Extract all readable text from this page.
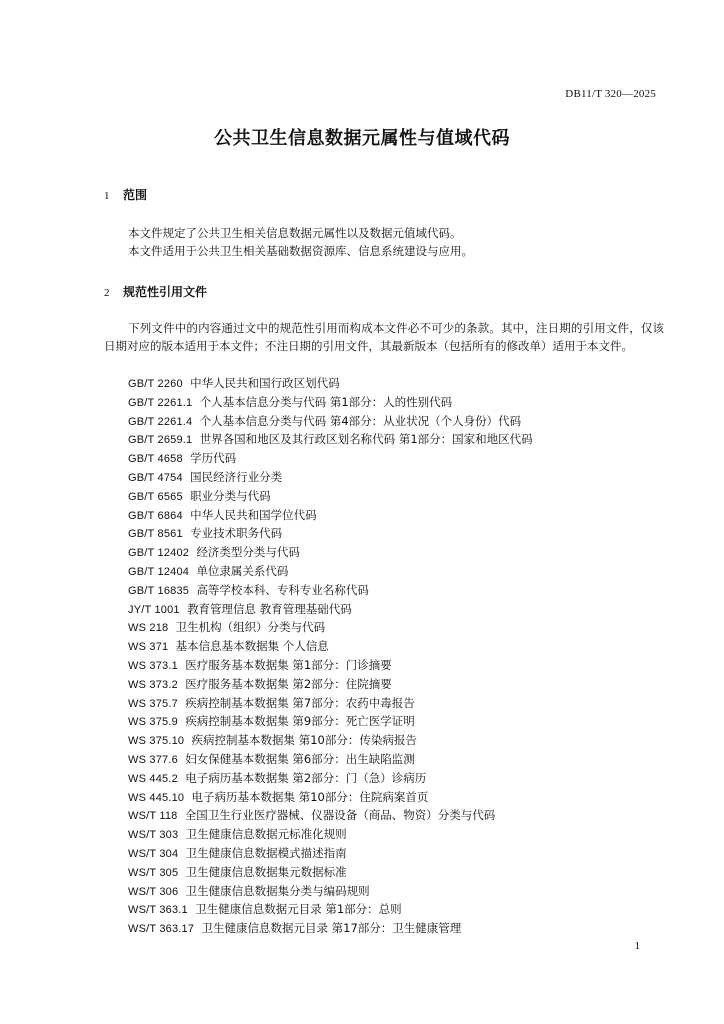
DB11/T 320—2025
公共卫生信息数据元属性与值域代码
1 范围
本文件规定了公共卫生相关信息数据元属性以及数据元值域代码。
本文件适用于公共卫生相关基础数据资源库、信息系统建设与应用。
2 规范性引用文件
下列文件中的内容通过文中的规范性引用而构成本文件必不可少的条款。其中，注日期的引用文件，仅该日期对应的版本适用于本文件；不注日期的引用文件，其最新版本（包括所有的修改单）适用于本文件。
GB/T 2260 中华人民共和国行政区划代码
GB/T 2261.1 个人基本信息分类与代码 第1部分：人的性别代码
GB/T 2261.4 个人基本信息分类与代码 第4部分：从业状况（个人身份）代码
GB/T 2659.1 世界各国和地区及其行政区划名称代码 第1部分：国家和地区代码
GB/T 4658 学历代码
GB/T 4754 国民经济行业分类
GB/T 6565 职业分类与代码
GB/T 6864 中华人民共和国学位代码
GB/T 8561 专业技术职务代码
GB/T 12402 经济类型分类与代码
GB/T 12404 单位隶属关系代码
GB/T 16835 高等学校本科、专科专业名称代码
JY/T 1001 教育管理信息 教育管理基础代码
WS 218 卫生机构（组织）分类与代码
WS 371 基本信息基本数据集 个人信息
WS 373.1 医疗服务基本数据集 第1部分：门诊摘要
WS 373.2 医疗服务基本数据集 第2部分：住院摘要
WS 375.7 疾病控制基本数据集 第7部分：农药中毒报告
WS 375.9 疾病控制基本数据集 第9部分：死亡医学证明
WS 375.10 疾病控制基本数据集 第10部分：传染病报告
WS 377.6 妇女保健基本数据集 第6部分：出生缺陷监测
WS 445.2 电子病历基本数据集 第2部分：门（急）诊病历
WS 445.10 电子病历基本数据集 第10部分：住院病案首页
WS/T 118 全国卫生行业医疗器械、仪器设备（商品、物资）分类与代码
WS/T 303 卫生健康信息数据元标准化规则
WS/T 304 卫生健康信息数据模式描述指南
WS/T 305 卫生健康信息数据集元数据标准
WS/T 306 卫生健康信息数据集分类与编码规则
WS/T 363.1 卫生健康信息数据元目录 第1部分：总则
WS/T 363.17 卫生健康信息数据元目录 第17部分：卫生健康管理
1
